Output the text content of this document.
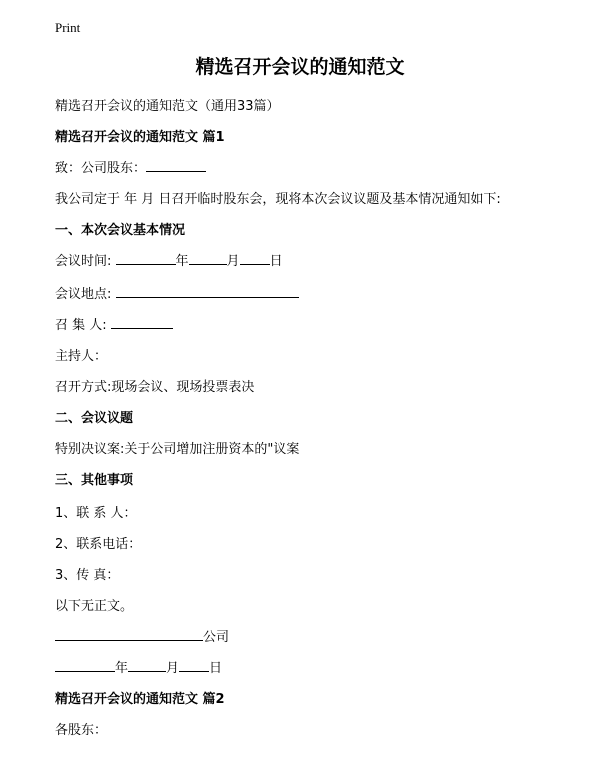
Print
精选召开会议的通知范文
精选召开会议的通知范文（通用33篇）
精选召开会议的通知范文 篇1
致：公司股东：
我公司定于 年 月 日召开临时股东会，现将本次会议议题及基本情况通知如下:
一、本次会议基本情况
会议时间:	年	月 日
会议地点:
召 集 人:
主持人：
召开方式:现场会议、现场投票表决
二、会议议题
特别决议案:关于公司增加注册资本的"议案
三、其他事项
1、联 系 人：
2、联系电话：
3、传 真：
以下无正文。
公司
年	月 日
精选召开会议的通知范文 篇2
各股东：
